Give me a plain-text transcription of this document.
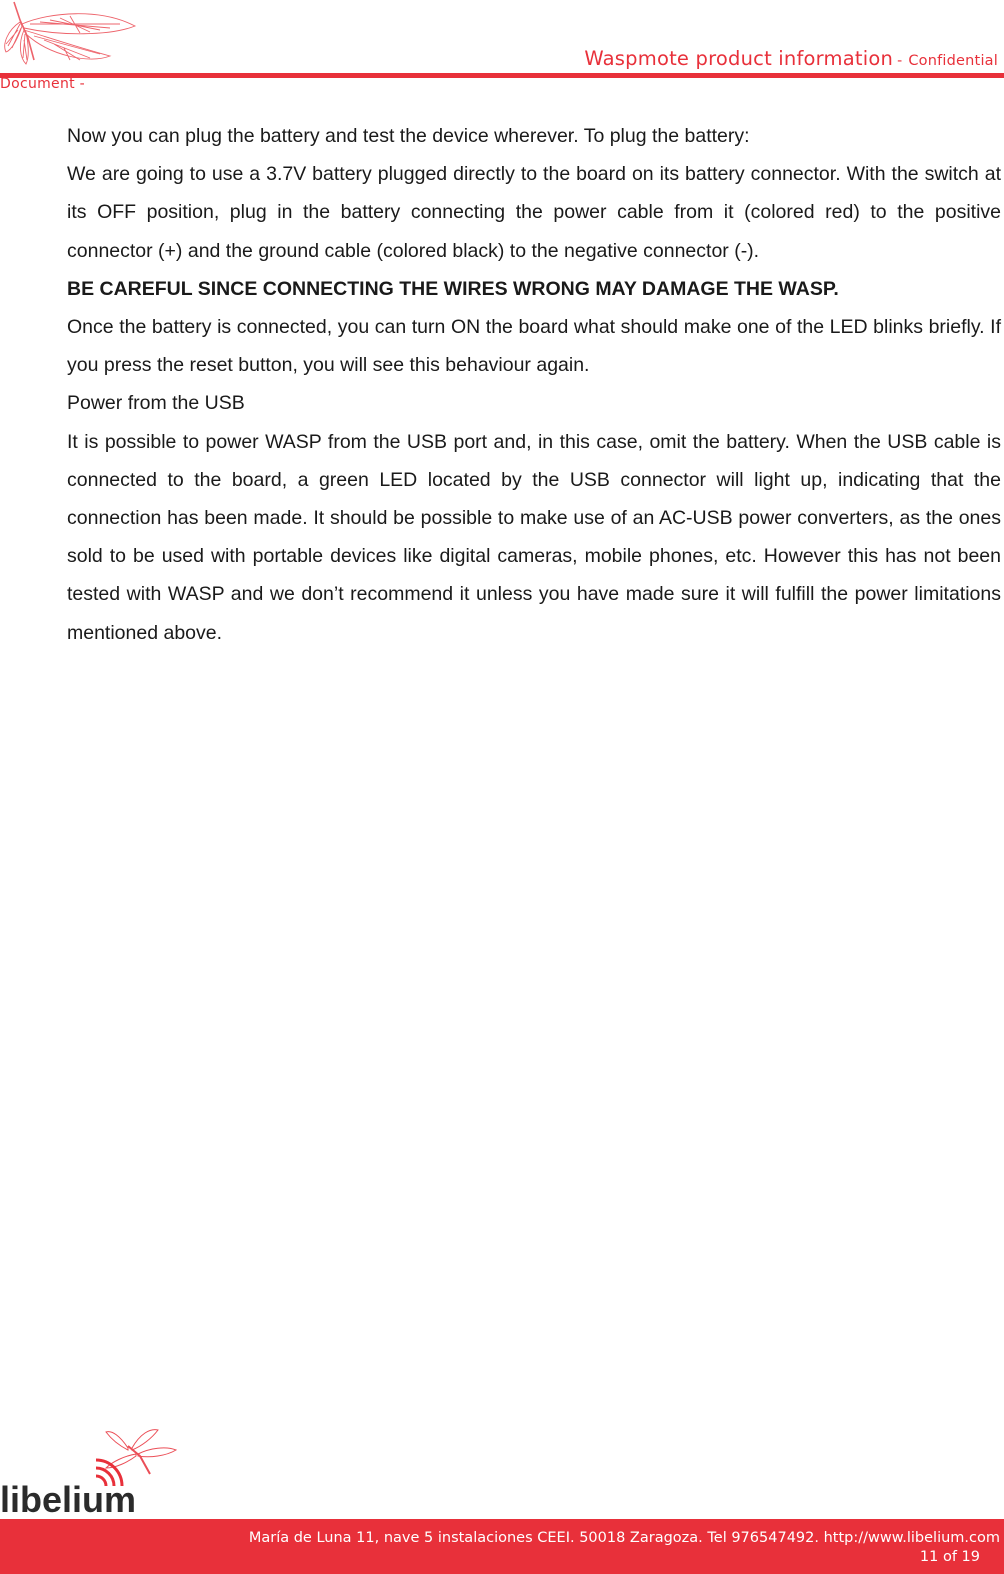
Waspmote product information - Confidential
Document -

Now you can plug the battery and test the device wherever. To plug the battery:

We are going to use a 3.7V battery plugged directly to the board on its battery connector. With the switch at its OFF position, plug in the battery connecting the power cable from it (colored red) to the positive connector (+) and the ground cable (colored black) to the negative connector (-).

BE CAREFUL SINCE CONNECTING THE WIRES WRONG MAY DAMAGE THE WASP.

Once the battery is connected, you can turn ON the board what should make one of the LED blinks briefly. If you press the reset button, you will see this behaviour again.

Power from the USB

It is possible to power WASP from the USB port and, in this case, omit the battery. When the USB cable is connected to the board, a green LED located by the USB connector will light up, indicating that the connection has been made. It should be possible to make use of an AC-USB power converters, as the ones sold to be used with portable devices like digital cameras, mobile phones, etc. However this has not been tested with WASP and we don’t recommend it unless you have made sure it will fulfill the power limitations mentioned above.

libelium
María de Luna 11, nave 5 instalaciones CEEI. 50018 Zaragoza. Tel 976547492. http://www.libelium.com
11 of 19
